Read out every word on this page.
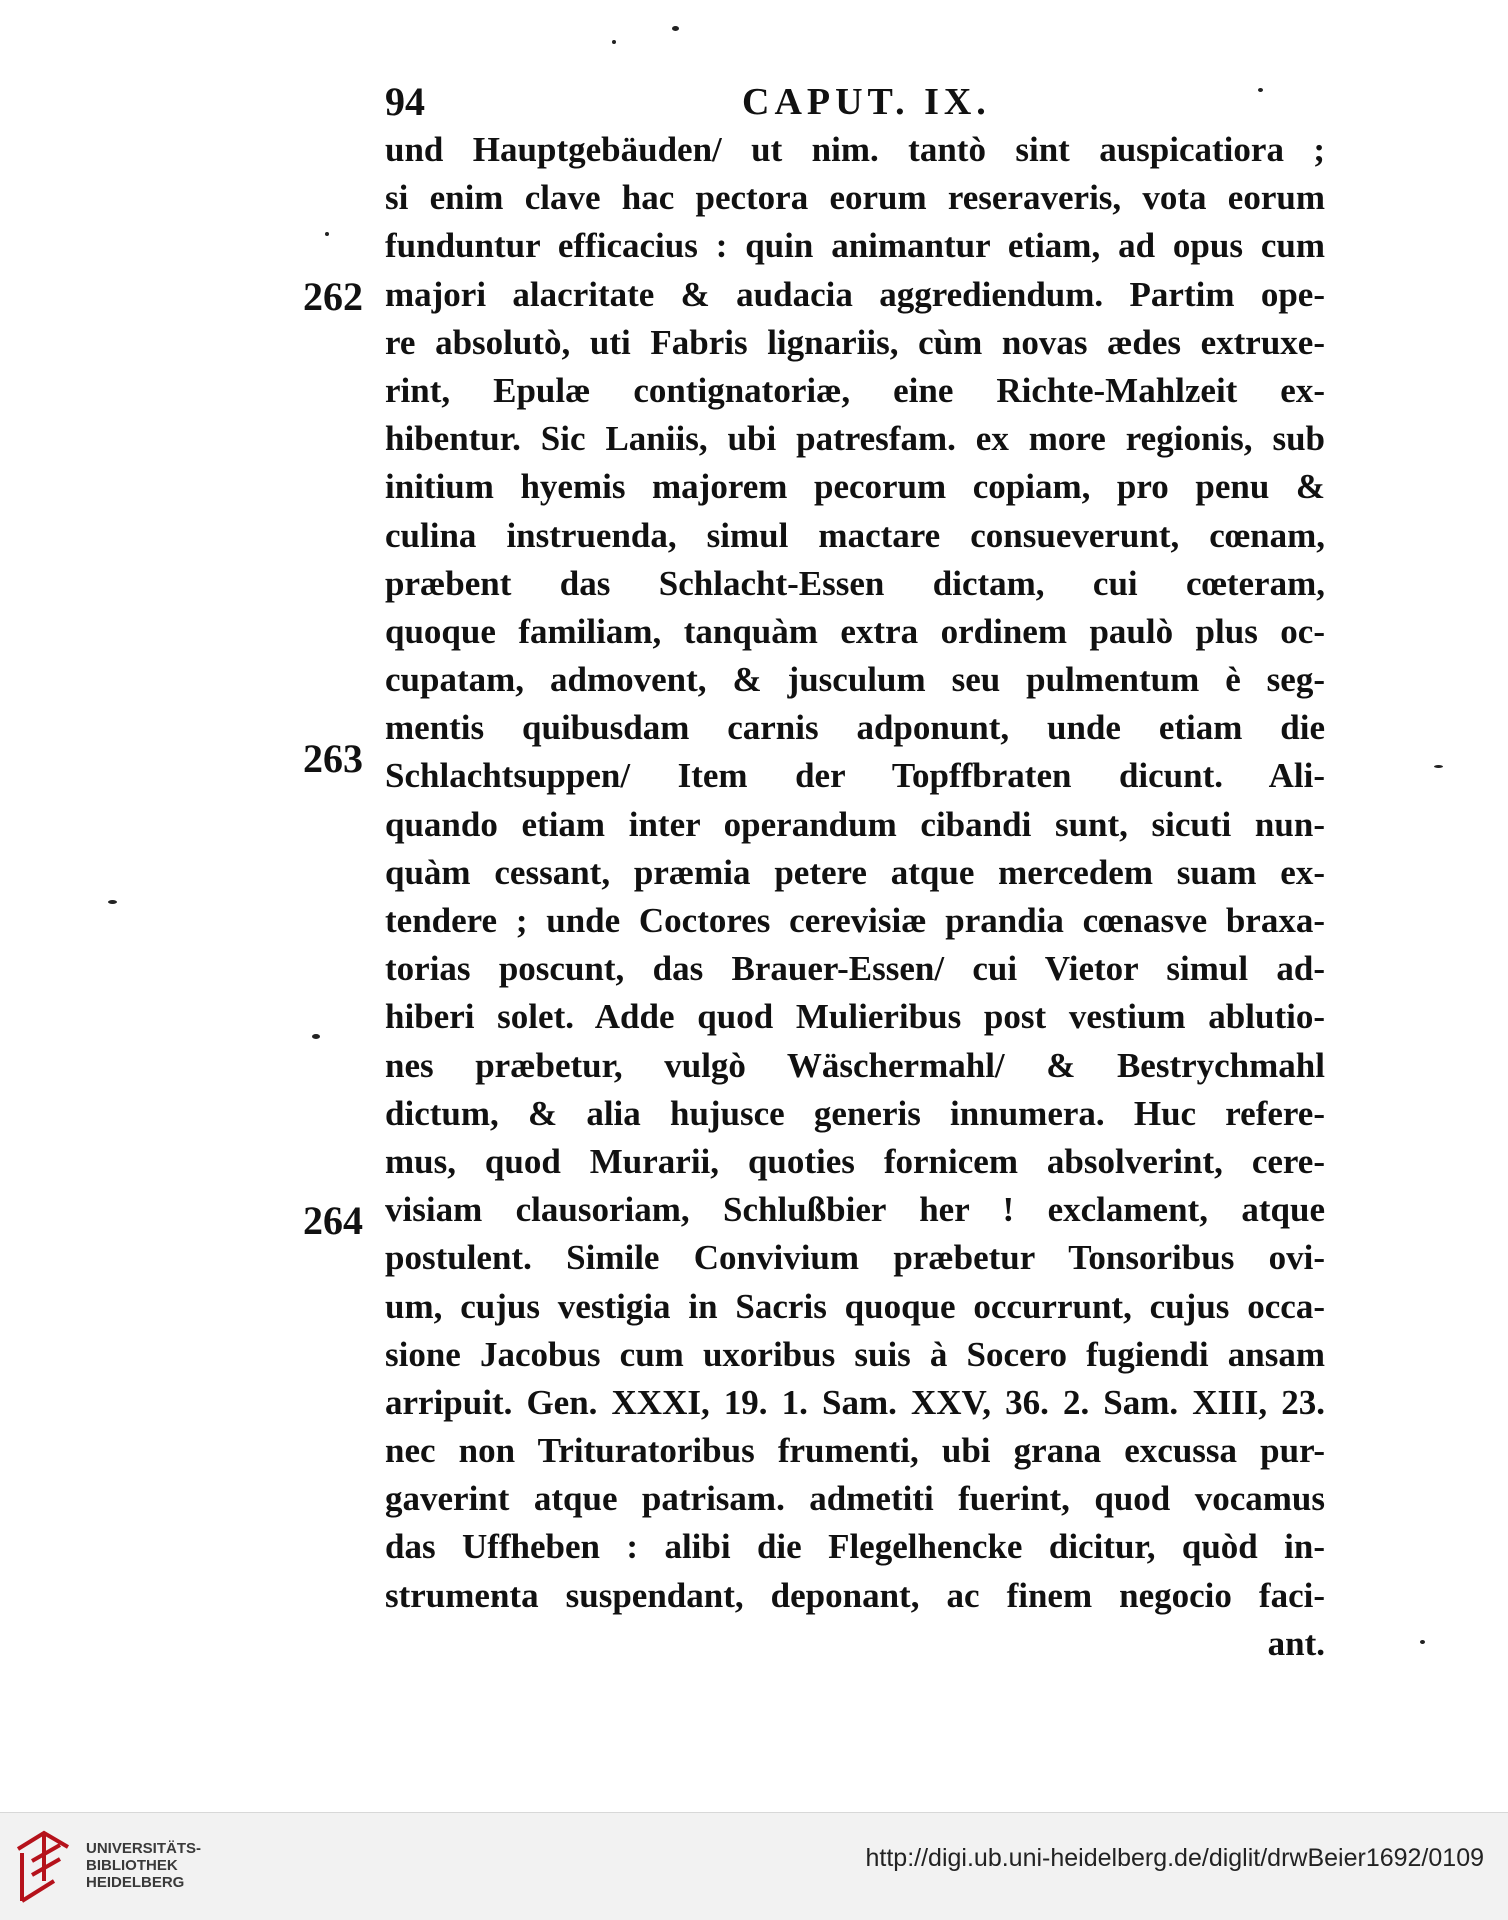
94	CAPUT. IX.
262
263
264
und Hauptgebäuden/ ut nim. tantò sint auspicatiora ;
si enim clave hac pectora eorum reseraveris, vota eorum
funduntur efficacius : quin animantur etiam, ad opus cum
majori alacritate & audacia aggrediendum. Partim ope-
re absolutò, uti Fabris lignariis, cùm novas ædes extruxe-
rint, Epulæ contignatoriæ, eine Richte-Mahlzeit ex-
hibentur. Sic Laniis, ubi patresfam. ex more regionis, sub
initium hyemis majorem pecorum copiam, pro penu &
culina instruenda, simul mactare consueverunt, cœnam,
præbent das Schlacht-Essen dictam, cui cœteram,
quoque familiam, tanquàm extra ordinem paulò plus oc-
cupatam, admovent, & jusculum seu pulmentum è seg-
mentis quibusdam carnis adponunt, unde etiam die
Schlachtsuppen/ Item der Topffbraten dicunt. Ali-
quando etiam inter operandum cibandi sunt, sicuti nun-
quàm cessant, præmia petere atque mercedem suam ex-
tendere ; unde Coctores cerevisiæ prandia cœnasve braxa-
torias poscunt, das Brauer-Essen/ cui Vietor simul ad-
hiberi solet. Adde quod Mulieribus post vestium ablutio-
nes præbetur, vulgò Wäschermahl/ & Bestrychmahl
dictum, & alia hujusce generis innumera. Huc refere-
mus, quod Murarii, quoties fornicem absolverint, cere-
visiam clausoriam, Schlußbier her ! exclament, atque
postulent. Simile Convivium præbetur Tonsoribus ovi-
um, cujus vestigia in Sacris quoque occurrunt, cujus occa-
sione Jacobus cum uxoribus suis à Socero fugiendi ansam
arripuit. Gen. XXXI, 19. 1. Sam. XXV, 36. 2. Sam. XIII, 23.
nec non Trituratoribus frumenti, ubi grana excussa pur-
gaverint atque patrisam. admetiti fuerint, quod vocamus
das Uffheben : alibi die Flegelhencke dicitur, quòd in-
strumenta suspendant, deponant, ac finem negocio faci-
ant.
UNIVERSITÄTS-
BIBLIOTHEK
HEIDELBERG
http://digi.ub.uni-heidelberg.de/diglit/drwBeier1692/0109
